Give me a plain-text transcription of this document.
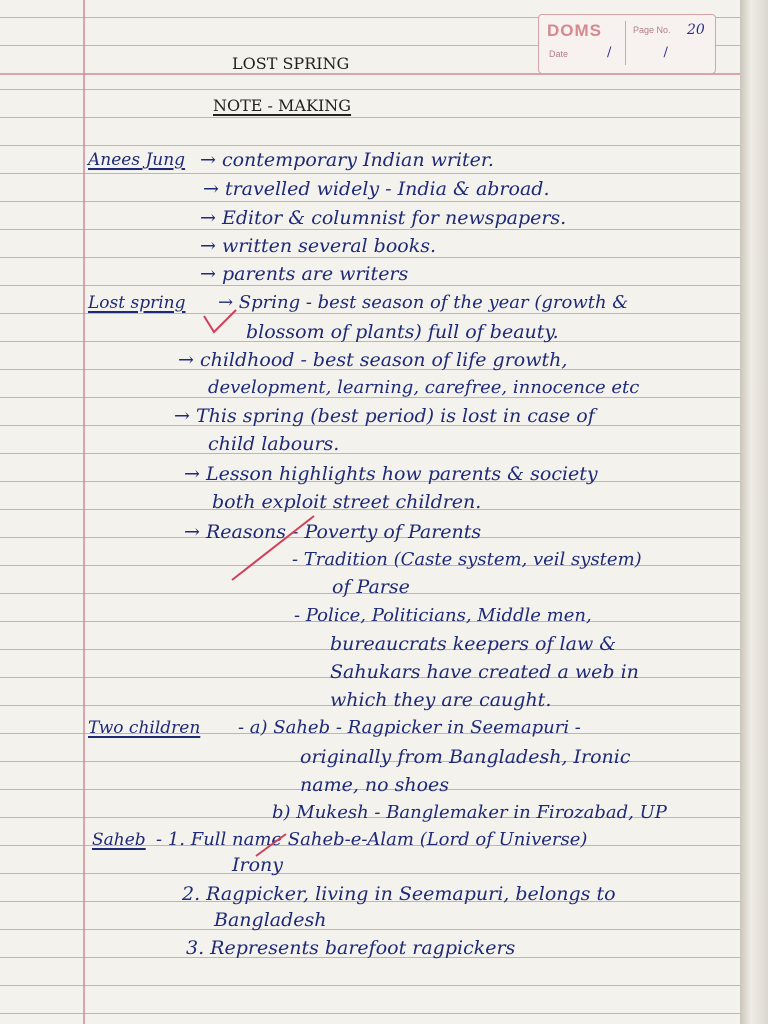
DOMS	Page No. 20
Date	/ /
LOST SPRING
NOTE - MAKING
Anees Jung → contemporary Indian writer.
→ travelled widely - India & abroad.
→ Editor & columnist for newspapers.
→ written several books.
→ parents are writers
Lost spring → Spring - best season of the year (growth &
blossom of plants) full of beauty.
→ childhood - best season of life growth,
development, learning, carefree, innocence etc
→ This spring (best period) is lost in case of
child labours.
→ Lesson highlights how parents & society
both exploit street children.
→ Reasons - Poverty of Parents
- Tradition (Caste system, veil system)
of Parse
- Police, Politicians, Middle men,
bureaucrats keepers of law &
Sahukars have created a web in
which they are caught.
Two children - a) Saheb - Ragpicker in Seemapuri -
originally from Bangladesh, Ironic
name, no shoes
b) Mukesh - Banglemaker in Firozabad, UP
Saheb - 1. Full name Saheb-e-Alam (Lord of Universe)
Irony
2. Ragpicker, living in Seemapuri, belongs to
Bangladesh
3. Represents barefoot ragpickers
